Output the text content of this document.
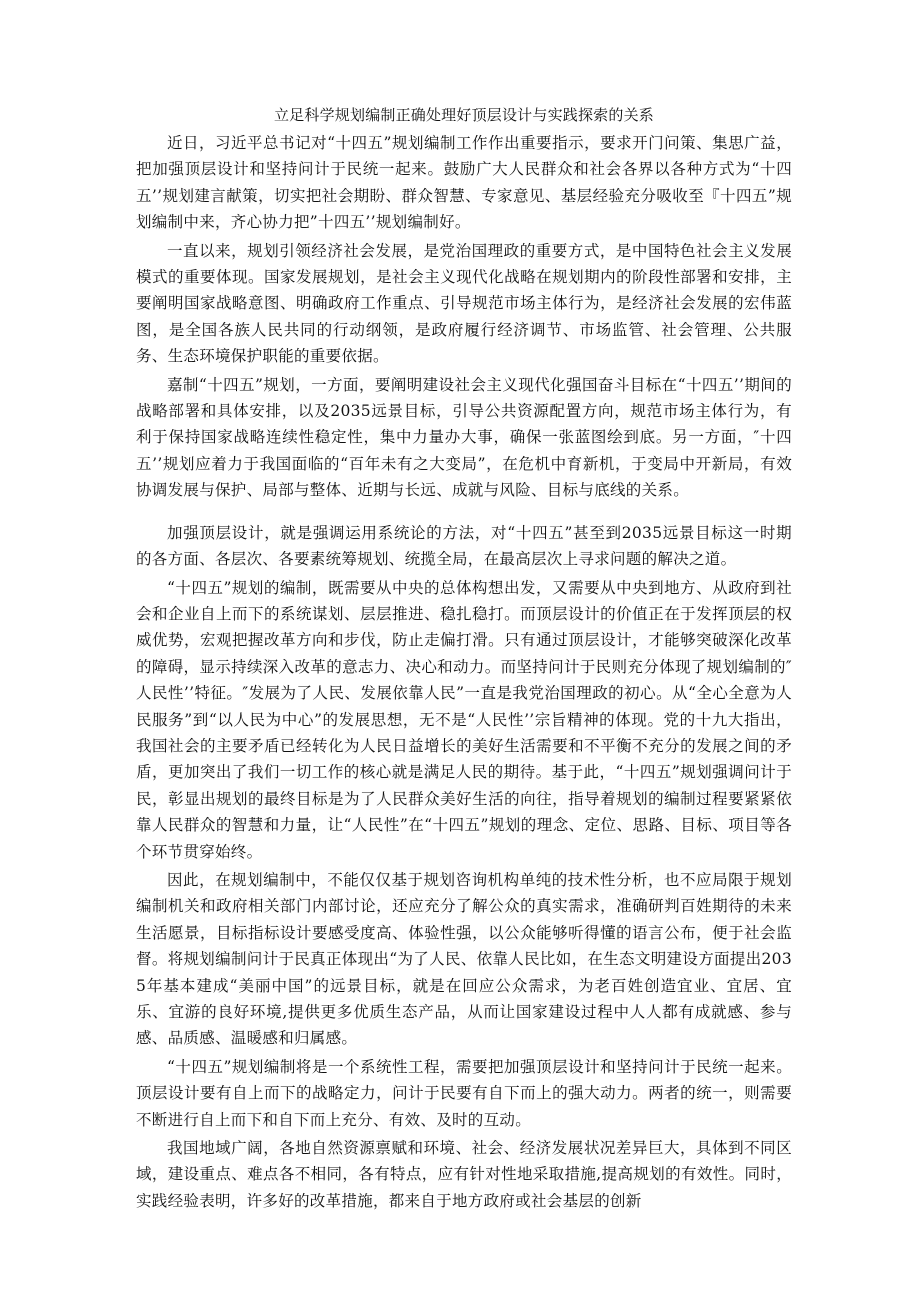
立足科学规划编制正确处理好顶层设计与实践探索的关系

近日，习近平总书记对“十四五”规划编制工作作出重要指示，要求开门问策、集思广益，把加强顶层设计和坚持问计于民统一起来。鼓励广大人民群众和社会各界以各种方式为“十四五’’规划建言献策，切实把社会期盼、群众智慧、专家意见、基层经验充分吸收至『十四五”规划编制中来，齐心协力把”十四五’’规划编制好。

一直以来，规划引领经济社会发展，是党治国理政的重要方式，是中国特色社会主义发展模式的重要体现。国家发展规划，是社会主义现代化战略在规划期内的阶段性部署和安排，主要阐明国家战略意图、明确政府工作重点、引导规范市场主体行为，是经济社会发展的宏伟蓝图，是全国各族人民共同的行动纲领，是政府履行经济调节、市场监管、社会管理、公共服务、生态环境保护职能的重要依据。

嘉制“十四五”规划，一方面，要阐明建设社会主义现代化强国奋斗目标在“十四五’’期间的战略部署和具体安排，以及2035远景目标，引导公共资源配置方向，规范市场主体行为，有利于保持国家战略连续性稳定性，集中力量办大事，确保一张蓝图绘到底。另一方面，″十四五’’规划应着力于我国面临的“百年未有之大变局”，在危机中育新机，于变局中开新局，有效协调发展与保护、局部与整体、近期与长远、成就与风险、目标与底线的关系。

加强顶层设计，就是强调运用系统论的方法，对“十四五”甚至到2035远景目标这一时期的各方面、各层次、各要素统筹规划、统揽全局，在最高层次上寻求问题的解决之道。

“十四五”规划的编制，既需要从中央的总体构想出发，又需要从中央到地方、从政府到社会和企业自上而下的系统谋划、层层推进、稳扎稳打。而顶层设计的价值正在于发挥顶层的权威优势，宏观把握改革方向和步伐，防止走偏打滑。只有通过顶层设计，才能够突破深化改革的障碍，显示持续深入改革的意志力、决心和动力。而坚持问计于民则充分体现了规划编制的″人民性’’特征。″发展为了人民、发展依靠人民”一直是我党治国理政的初心。从“全心全意为人民服务”到“以人民为中心”的发展思想，无不是“人民性’’宗旨精神的体现。党的十九大指出，我国社会的主要矛盾已经转化为人民日益增长的美好生活需要和不平衡不充分的发展之间的矛盾，更加突出了我们一切工作的核心就是满足人民的期待。基于此，“十四五”规划强调问计于民，彰显出规划的最终目标是为了人民群众美好生活的向往，指导着规划的编制过程要紧紧依靠人民群众的智慧和力量，让“人民性”在“十四五”规划的理念、定位、思路、目标、项目等各个环节贯穿始终。

因此，在规划编制中，不能仅仅基于规划咨询机构单纯的技术性分析，也不应局限于规划编制机关和政府相关部门内部讨论，还应充分了解公众的真实需求，准确研判百姓期待的未来生活愿景，目标指标设计要感受度高、体验性强，以公众能够听得懂的语言公布，便于社会监督。将规划编制问计于民真正体现出“为了人民、依靠人民比如，在生态文明建设方面提出2035年基本建成“美丽中国”的远景目标，就是在回应公众需求，为老百姓创造宜业、宜居、宜乐、宜游的良好环境,提供更多优质生态产品，从而让国家建设过程中人人都有成就感、参与感、品质感、温暖感和归属感。

“十四五”规划编制将是一个系统性工程，需要把加强顶层设计和坚持问计于民统一起来。顶层设计要有自上而下的战略定力，问计于民要有自下而上的强大动力。两者的统一，则需要不断进行自上而下和自下而上充分、有效、及时的互动。

我国地域广阔，各地自然资源禀赋和环境、社会、经济发展状况差异巨大，具体到不同区域，建设重点、难点各不相同，各有特点，应有针对性地采取措施,提高规划的有效性。同时，实践经验表明，许多好的改革措施，都来自于地方政府或社会基层的创新
